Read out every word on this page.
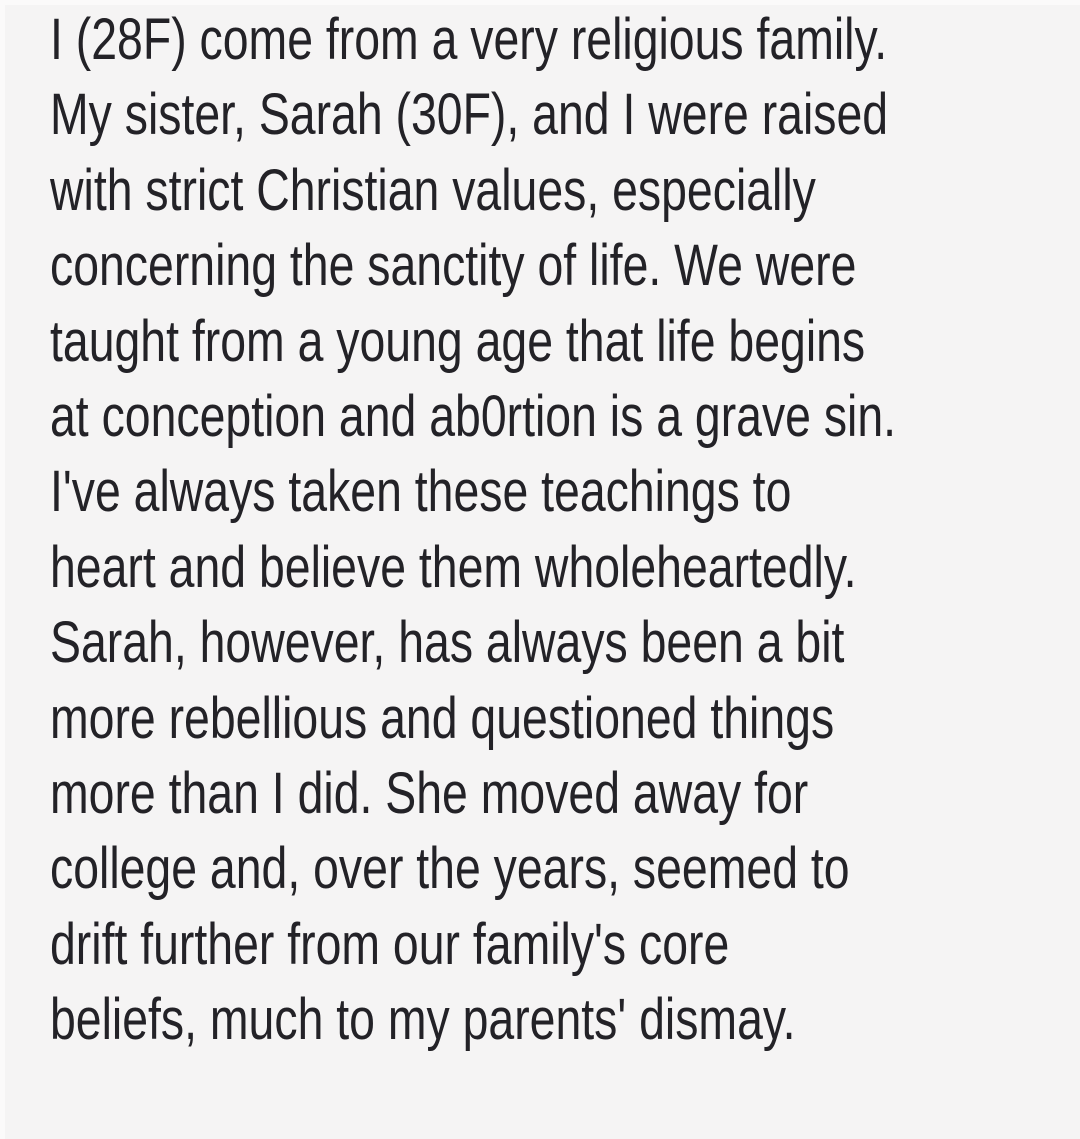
I (28F) come from a very religious family.
My sister, Sarah (30F), and I were raised
with strict Christian values, especially
concerning the sanctity of life. We were
taught from a young age that life begins
at conception and ab0rtion is a grave sin.
I've always taken these teachings to
heart and believe them wholeheartedly.
Sarah, however, has always been a bit
more rebellious and questioned things
more than I did. She moved away for
college and, over the years, seemed to
drift further from our family's core
beliefs, much to my parents' dismay.
